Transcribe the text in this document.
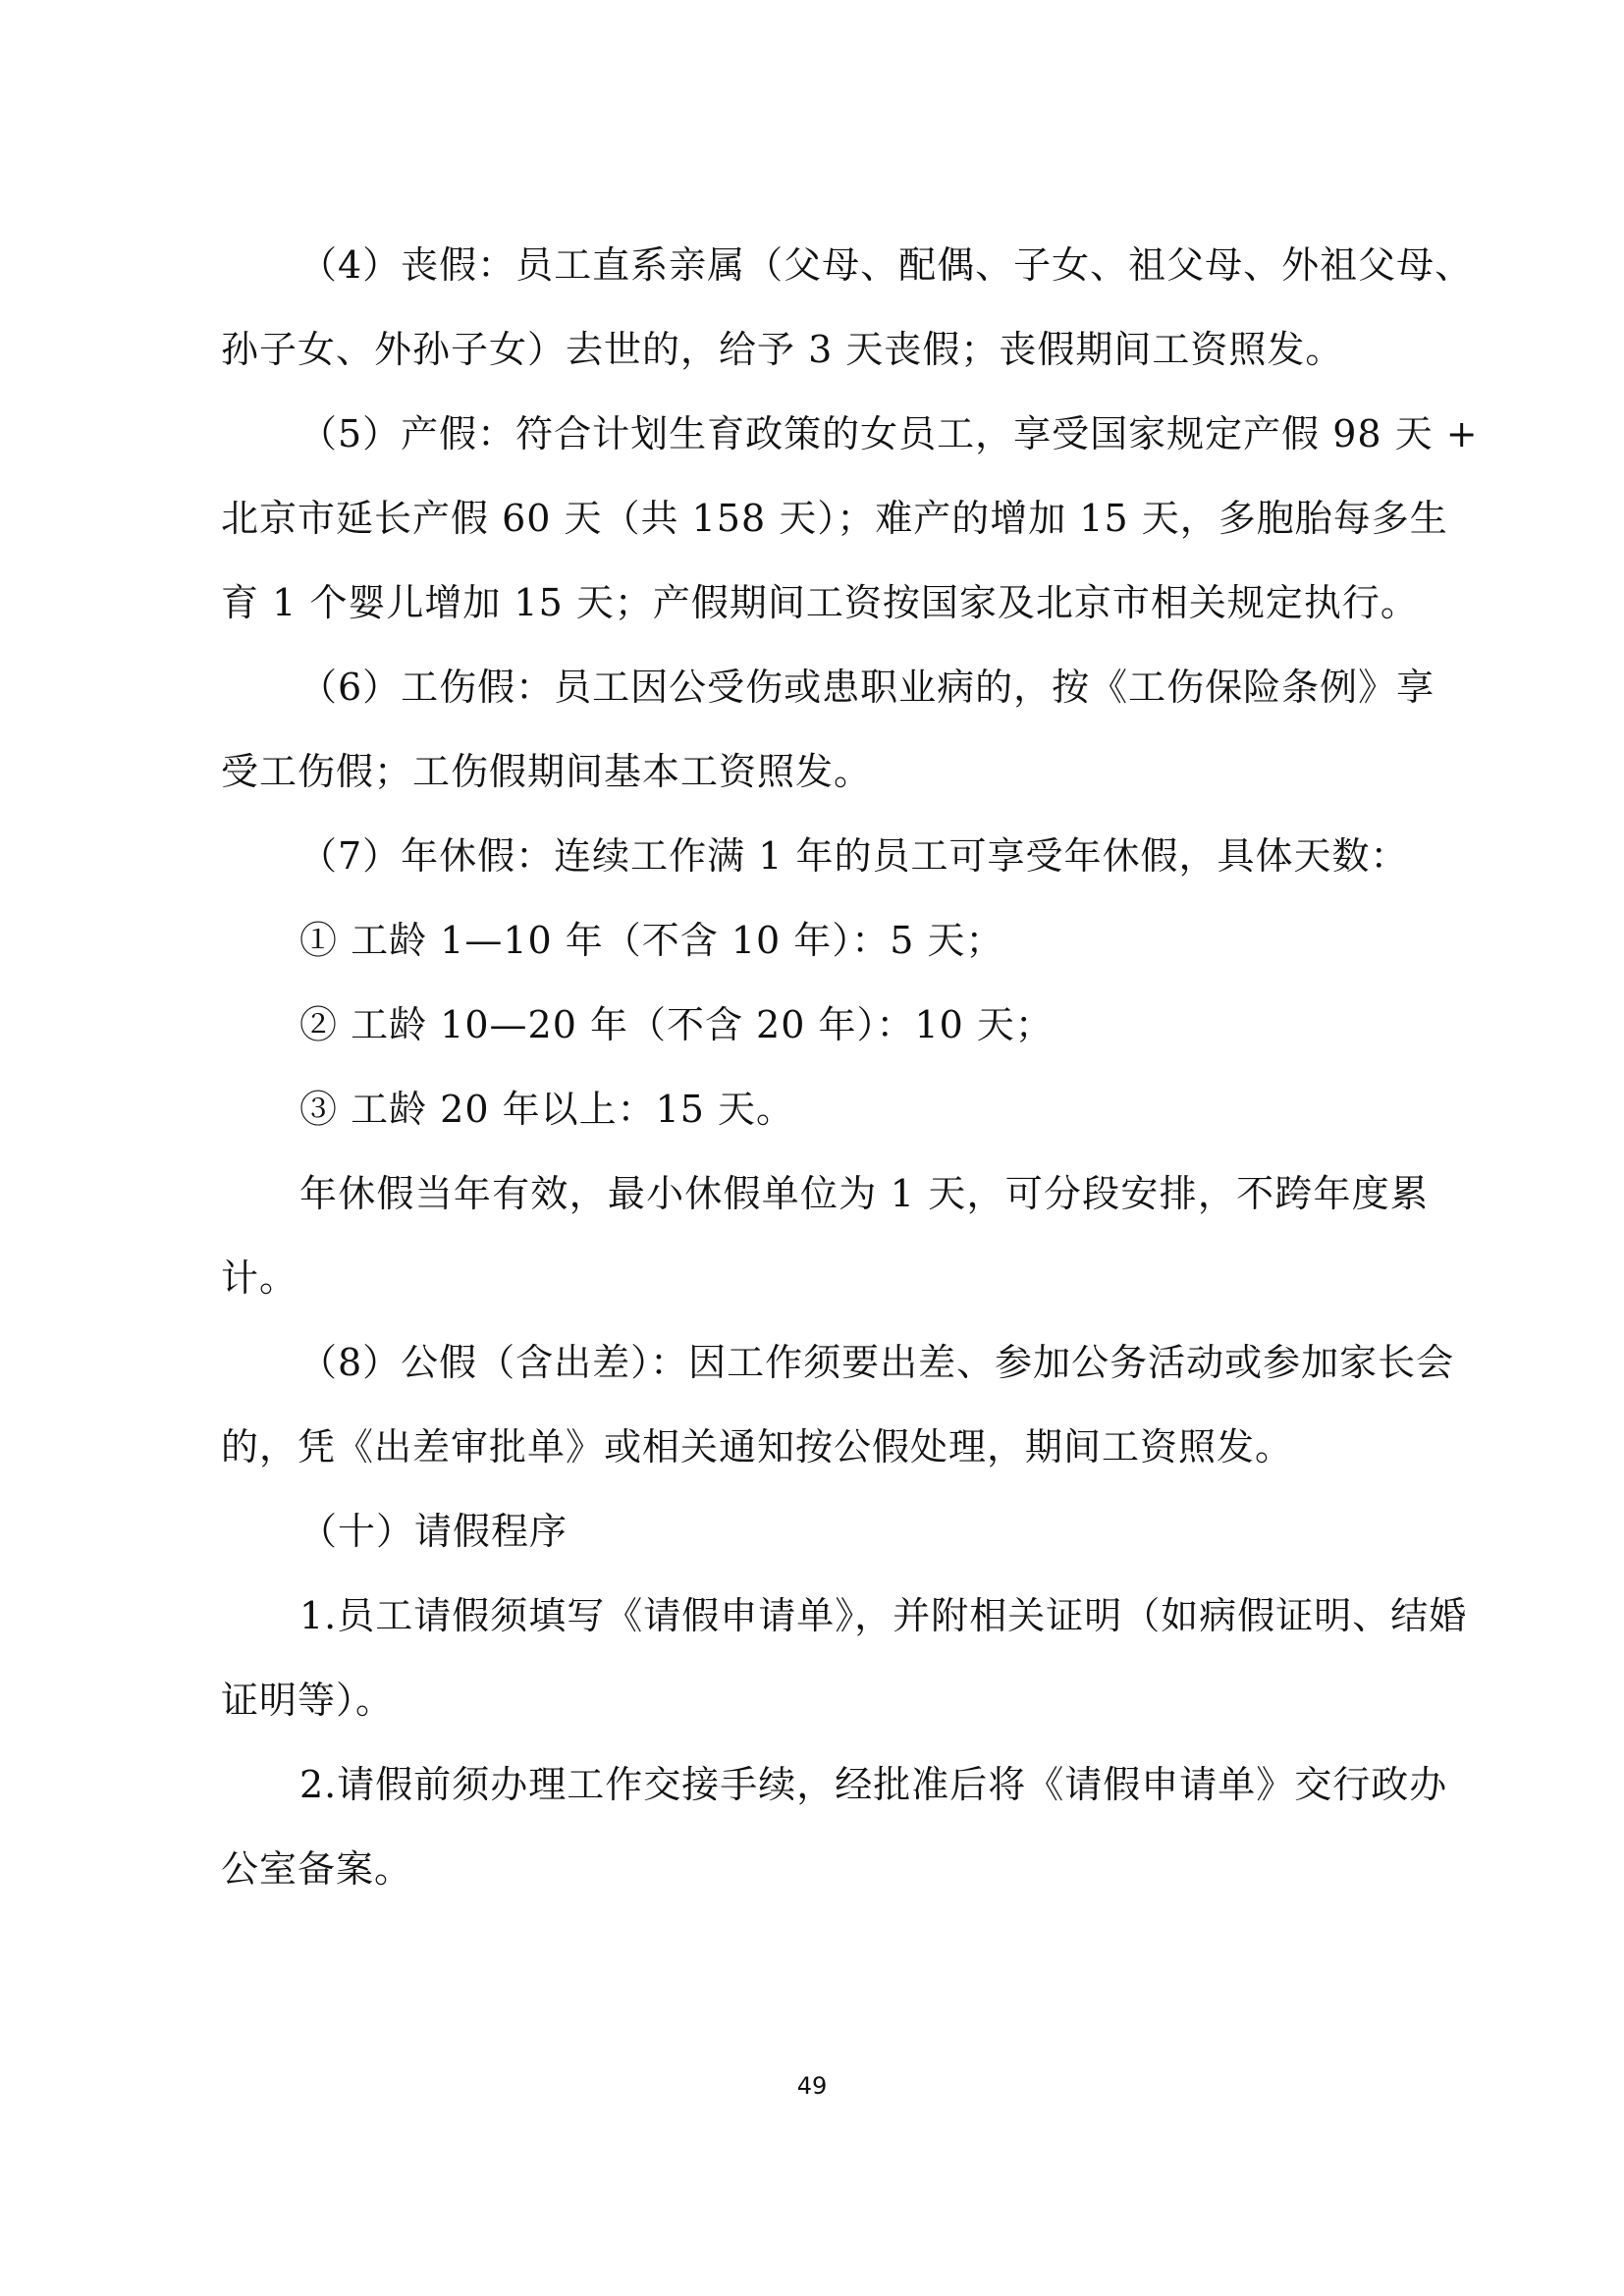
（4）丧假：员工直系亲属（父母、配偶、子女、祖父母、外祖父母、
孙子女、外孙子女）去世的，给予 3 天丧假；丧假期间工资照发。
（5）产假：符合计划生育政策的女员工，享受国家规定产假 98 天 +
北京市延长产假 60 天（共 158 天）；难产的增加 15 天，多胞胎每多生
育 1 个婴儿增加 15 天；产假期间工资按国家及北京市相关规定执行。
（6）工伤假：员工因公受伤或患职业病的，按《工伤保险条例》享
受工伤假；工伤假期间基本工资照发。
（7）年休假：连续工作满 1 年的员工可享受年休假，具体天数：
① 工龄 1—10 年（不含 10 年）：5 天；
② 工龄 10—20 年（不含 20 年）：10 天；
③ 工龄 20 年以上：15 天。
年休假当年有效，最小休假单位为 1 天，可分段安排，不跨年度累
计。
（8）公假（含出差）：因工作须要出差、参加公务活动或参加家长会
的，凭《出差审批单》或相关通知按公假处理，期间工资照发。
（十）请假程序
1.员工请假须填写《请假申请单》，并附相关证明（如病假证明、结婚
证明等）。
2.请假前须办理工作交接手续，经批准后将《请假申请单》交行政办
公室备案。
49
